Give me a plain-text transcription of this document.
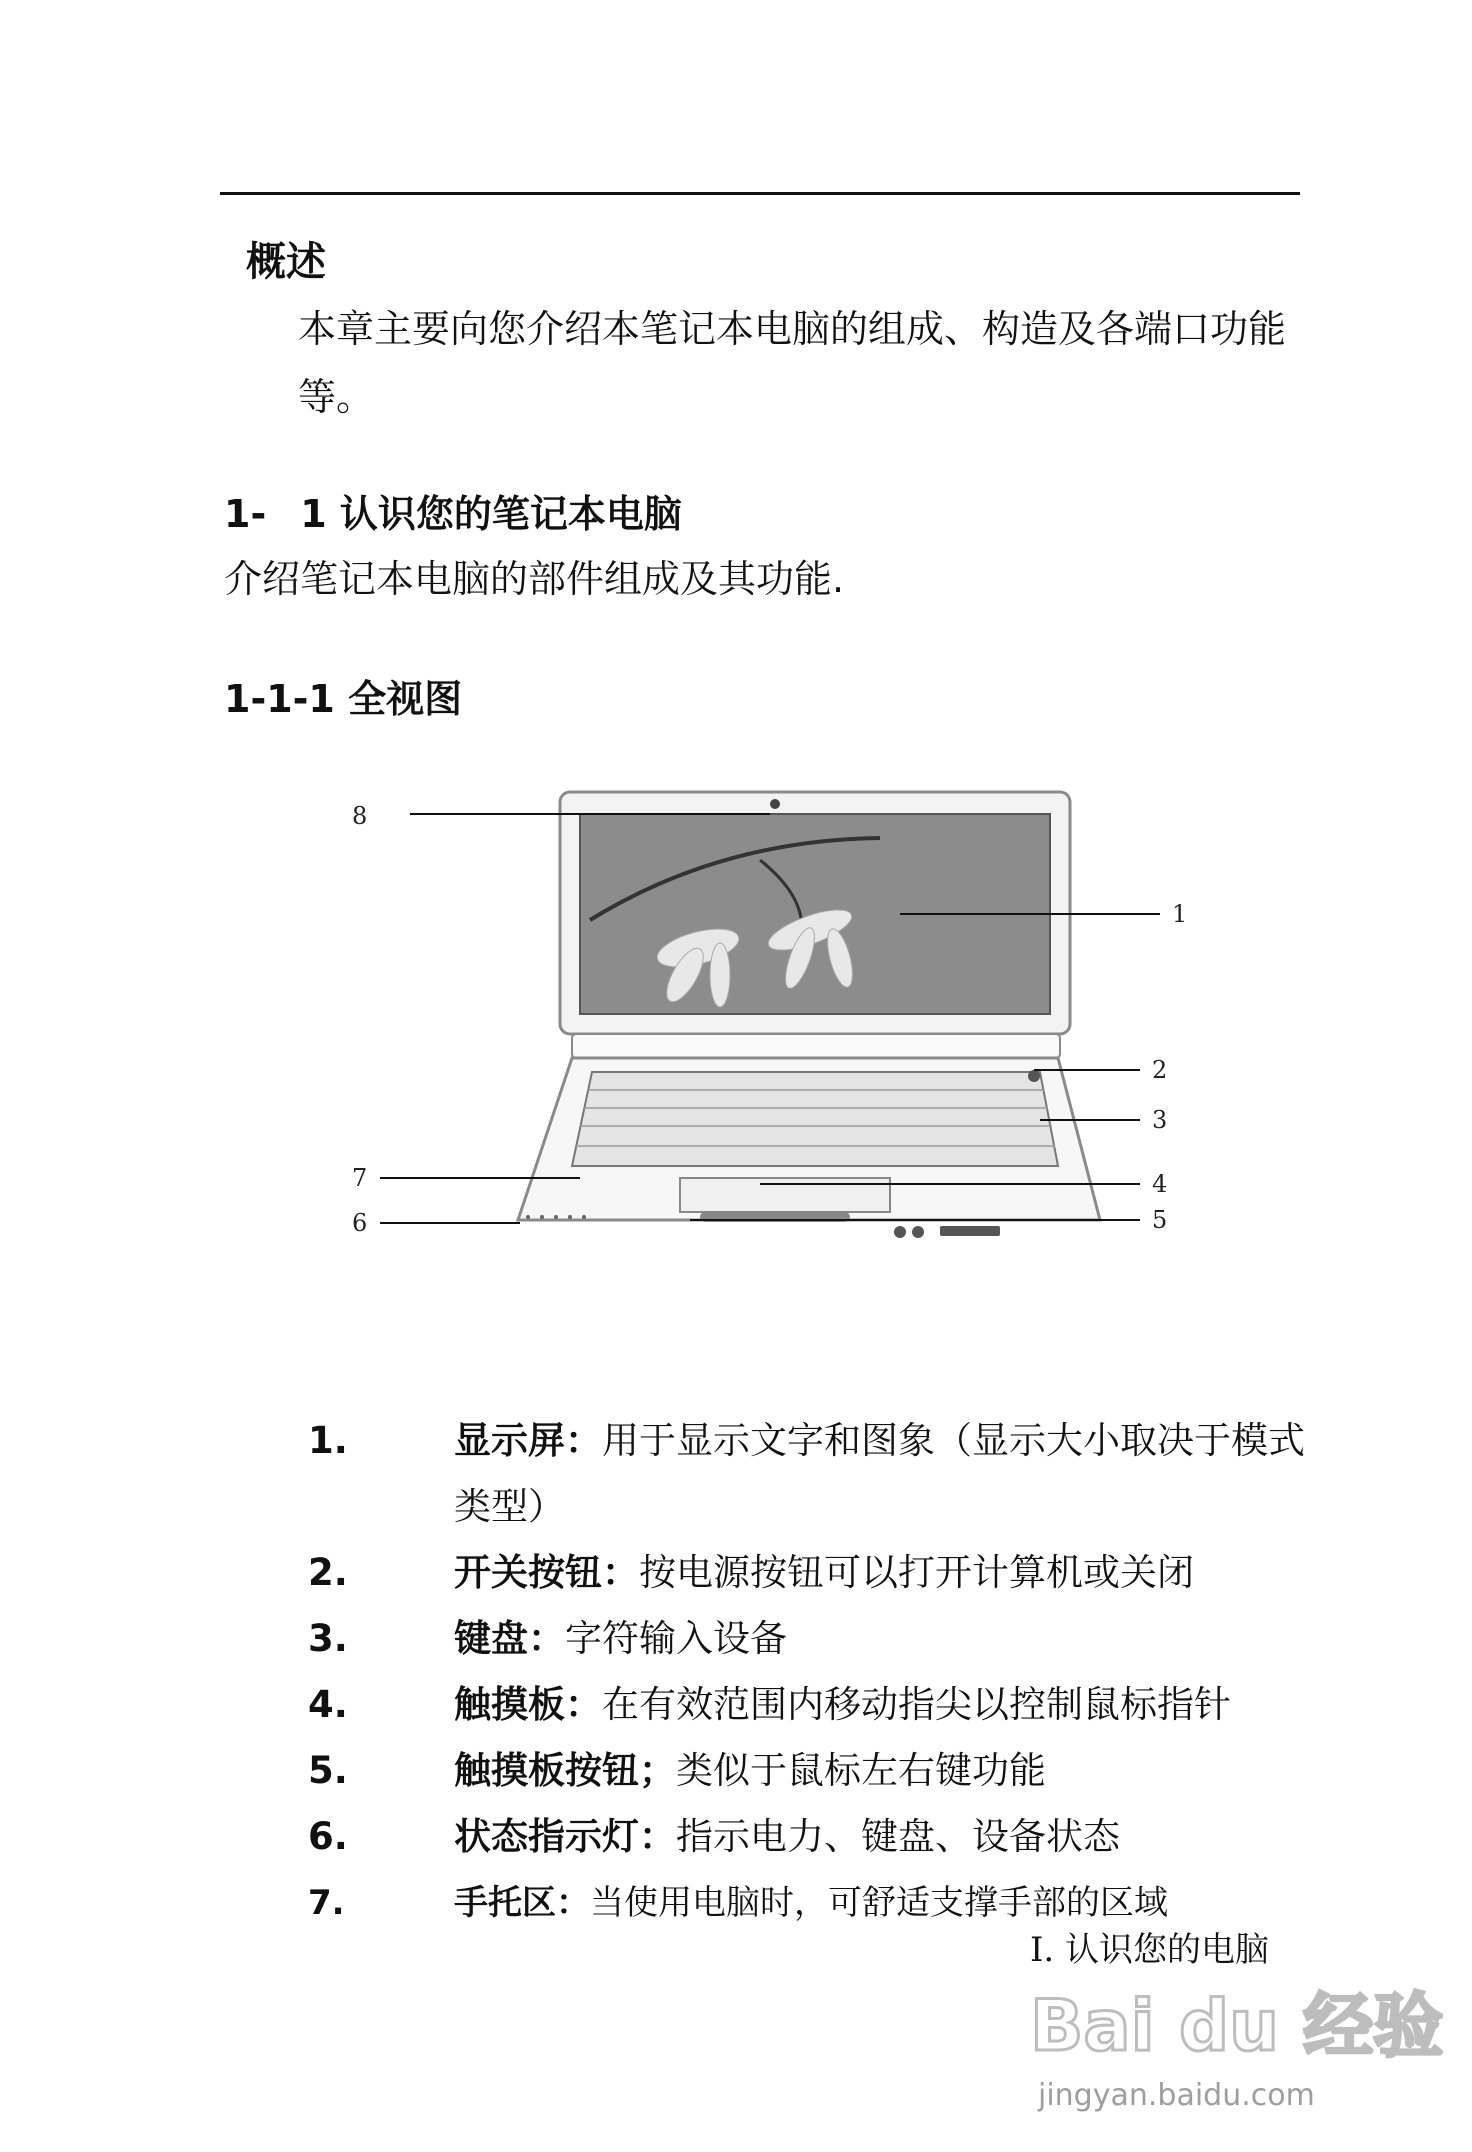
概述
本章主要向您介绍本笔记本电脑的组成、构造及各端口功能等。
1- 1 认识您的笔记本电脑
介绍笔记本电脑的部件组成及其功能.
1-1-1 全视图
8
1
2
3
7	4
6	5
1.	显示屏：用于显示文字和图象（显示大小取决于模式类型）
2.	开关按钮：按电源按钮可以打开计算机或关闭
3.	键盘：字符输入设备
4.	触摸板：在有效范围内移动指尖以控制鼠标指针
5.	触摸板按钮；类似于鼠标左右键功能
6.	状态指示灯：指示电力、键盘、设备状态
7.	手托区：当使用电脑时，可舒适支撑手部的区域
I. 认识您的电脑
Bai du 经验
jingyan.baidu.com
